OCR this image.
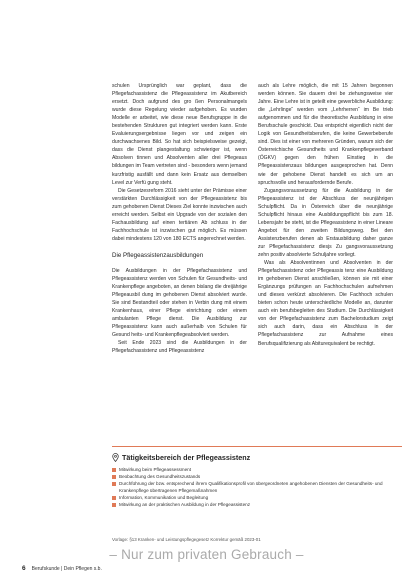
schulen Ursprünglich war geplant, dass die Pflegefachassistenz die Pflegeassistenz im Akutbereich ersetzt. Doch aufgrund des gro ßen Personalmangels wurde diese Regelung wieder aufgehoben. Es wurden Modelle er arbeitet, wie diese neue Berufsgruppe in die bestehenden Strukturen gut integriert werden kann. Erste Evaluierungsergebnisse liegen vor und zeigen ein durchwachsenes Bild. So hat sich beispielsweise gezeigt, dass die Dienst plangestaltung schwieriger ist, wenn Absolven tinnen und Absolventen aller drei Pflegeaus bildungen im Team vertreten sind - besonders wenn jemand kurzfristig ausfällt und dann kein Ersatz aus demselben Level zur Verfü gung steht.

Die Gesetzesreform 2016 sieht unter der Prämisse einer verstärkten Durchlässigkeit von der Pflegeassistenz bis zum gehobenen Dienst Dieses Ziel konnte inzwischen auch erreicht werden. Selbst ein Upgrade von der sozialen den Fachausbildung auf einen tertiären Ab schluss in der Fachhochschule ist inzwischen gut möglich. Es müssen dabei mindestens 120 von 180 ECTS angerechnet werden.

Die Pflegeassistenzausbildungen

Die Ausbildungen in der Pflegefachassistenz und Pflegeassistenz werden von Schulen für Gesundheits- und Krankenpflege angeboten, an denen bislang die dreijährige Pflegeausbil dung im gehobenen Dienst absolviert wurde. Sie sind Bestandteil oder stehen in Verbin dung mit einem Krankenhaus, einer Pflege einrichtung oder einem ambulanten Pflege dienst. Die Ausbildung zur Pflegeassistenz kann auch außerhalb von Schulen für Gesund heits- und Krankenpflegeabsolviert werden.

Seit Ende 2023 sind die Ausbildungen in der Pflegefachassistenz und Pflegeassistenz

auch als Lehre möglich, die mit 15 Jahren begonnen werden können. Sie dauern drei be ziehungsweise vier Jahre. Eine Lehre ist in geteilt eine gewerbliche Ausbildung: die „Lehrlinge“ werden vom „Lehrherren“ im Be trieb aufgenommen und für die theoretische Ausbildung in eine Berufsschule geschickt. Das entspricht eigentlich nicht der Logik von Gesundheitsberufen, die keine Gewerbeberufe sind. Dies ist einer von mehreren Gründen, warum sich der Österreichische Gesundheits und Krankenpflegeverband (ÖGKV) gegen den frühen Einstieg in die Pflegeassistenzaus bildungen ausgesprochen hat. Denn wie der gehobene Dienst handelt es sich um an spruchsvolle und herausfordernde Berufe.

Zugangsvoraussetzung für die Ausbildung in der Pflegeassistenz ist der Abschluss der neunjährigen Schulpflicht. Da in Österreich über die neunjährige Schulpflicht hinaus eine Ausbildungspflicht bis zum 18. Lebensjahr be steht, ist die Pflegeassistenz in einer Lineare Angebot für den zweiten Bildungsweg. Bei den Assistenzberufen denen ab Erstausbildung daher ganze zur Pflegefachassistenz diesjs Zu gangsvoraussetzung zehn positiv absolvierte Schuljahre vorliegt.

Was als Absolventinnen und Absolventen in der Pflegefachassistenz oder Pflegeassis tenz eine Ausbildung im gehobenen Dienst anschließen, können sie mit einer Ergänzungs prüfungen an Fachhochschulen aufnehmen und dieses verkürzt absolvieren. Die Fachhoch schulen bieten schon heute unterschiedliche Modelle an, darunter auch ein berufsbegleiten des Studium. Die Durchlässigkeit von der Pflegefachassistenz zum Bachelorstudium zeigt sich auch darin, dass ein Abschluss in der Pflegefachassistenz zur Aufnahme eines Berufsqualifizierung als Abiturequivalent be rechtigt.

Tätigkeitsbereich der Pflegeassistenz
Mitwirkung beim Pflegeassessment
Beobachtung des Gesundheitszustands
Durchführung der bzw. entsprechend ihrem Qualifikationsprofil von übergeordneten angehobenen Diensten der Gesundheits- und Krankenpflege übertragenen Pflegemaßnahmen
Information, Kommunikation und Begleitung
Mitwirkung an der praktischen Ausbildung in der Pflegeassistenz
Vorlage: §13 Kranken- und Leistungspflegegesetz Korrektur gemäß 2023-01
– Nur zum privaten Gebrauch –
6 Berufskunde | Dein Pflegen s.b.
